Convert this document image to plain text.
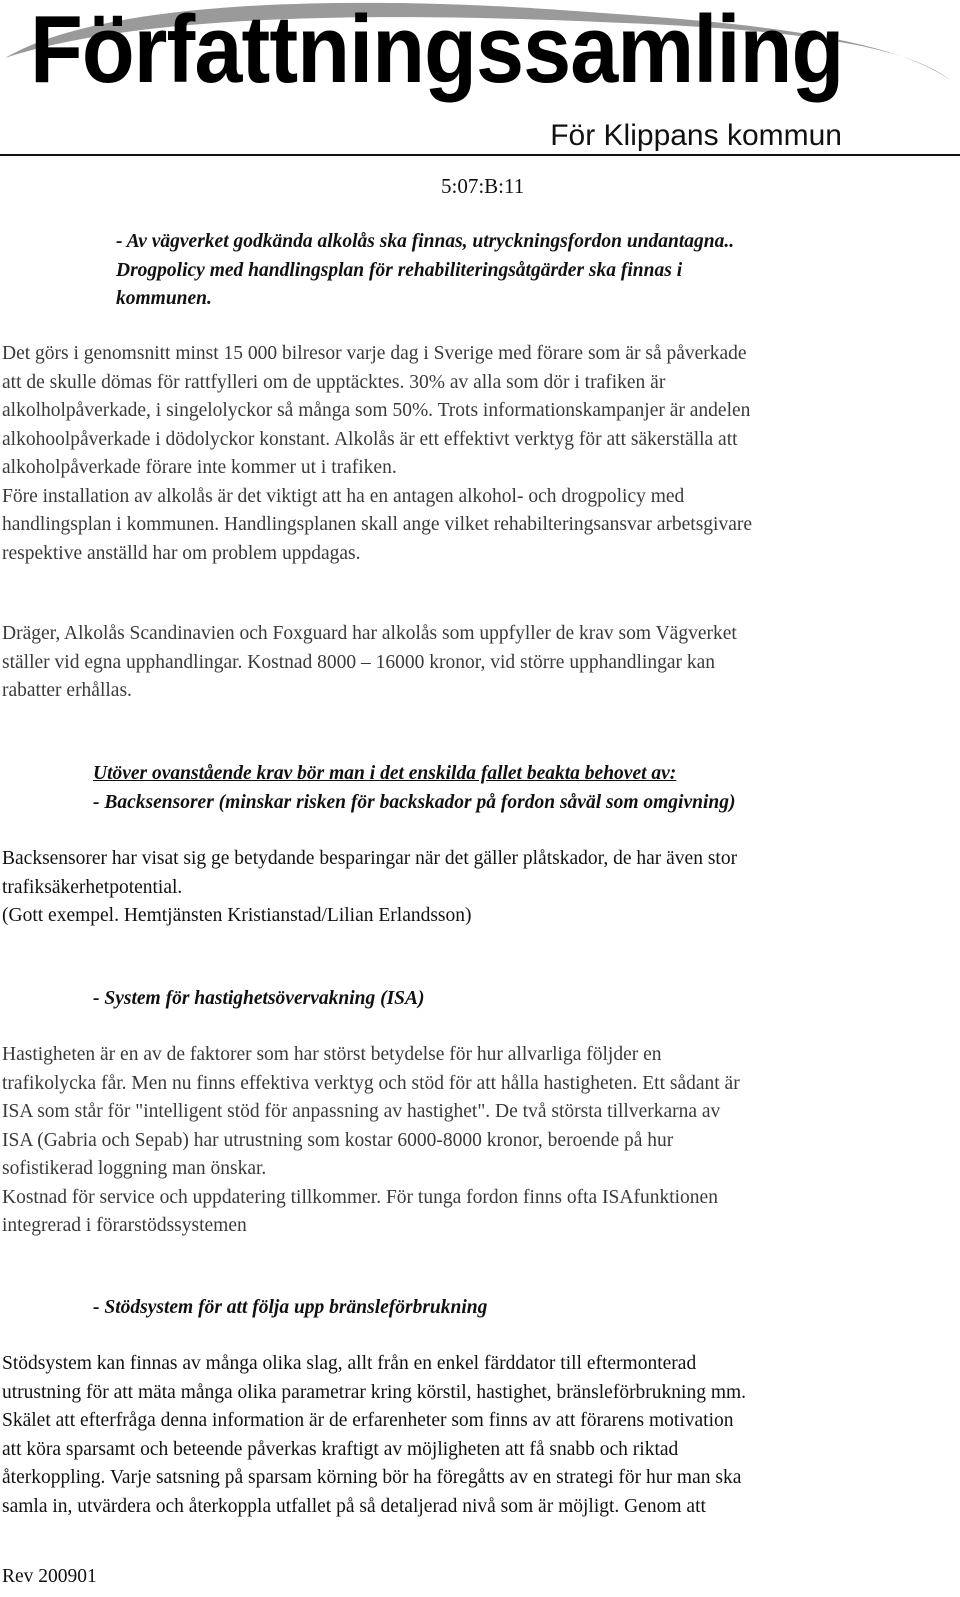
Författningssamling
För Klippans kommun
5:07:B:11

- Av vägverket godkända alkolås ska finnas, utryckningsfordon undantagna..

Drogpolicy med handlingsplan för rehabiliteringsåtgärder ska finnas i

kommunen.

Det görs i genomsnitt minst 15 000 bilresor varje dag i Sverige med förare som är så påverkade

att de skulle dömas för rattfylleri om de upptäcktes. 30% av alla som dör i trafiken är

alkolholpåverkade, i singelolyckor så många som 50%. Trots informationskampanjer är andelen

alkohoolpåverkade i dödolyckor konstant. Alkolås är ett effektivt verktyg för att säkerställa att

alkoholpåverkade förare inte kommer ut i trafiken.

Före installation av alkolås är det viktigt att ha en antagen alkohol- och drogpolicy med

handlingsplan i kommunen. Handlingsplanen skall ange vilket rehabilteringsansvar arbetsgivare

respektive anställd har om problem uppdagas.

Dräger, Alkolås Scandinavien och Foxguard har alkolås som uppfyller de krav som Vägverket

ställer vid egna upphandlingar. Kostnad 8000 – 16000 kronor, vid större upphandlingar kan

rabatter erhållas.

Utöver ovanstående krav bör man i det enskilda fallet beakta behovet av:

- Backsensorer (minskar risken för backskador på fordon såväl som omgivning)

Backsensorer har visat sig ge betydande besparingar när det gäller plåtskador, de har även stor

trafiksäkerhetpotential.

(Gott exempel. Hemtjänsten Kristianstad/Lilian Erlandsson)

- System för hastighetsövervakning (ISA)

Hastigheten är en av de faktorer som har störst betydelse för hur allvarliga följder en

trafikolycka får. Men nu finns effektiva verktyg och stöd för att hålla hastigheten. Ett sådant är

ISA som står för "intelligent stöd för anpassning av hastighet". De två största tillverkarna av

ISA (Gabria och Sepab) har utrustning som kostar 6000-8000 kronor, beroende på hur

sofistikerad loggning man önskar.

Kostnad för service och uppdatering tillkommer. För tunga fordon finns ofta ISAfunktionen

integrerad i förarstödssystemen

- Stödsystem för att följa upp bränsleförbrukning

Stödsystem kan finnas av många olika slag, allt från en enkel färddator till eftermonterad

utrustning för att mäta många olika parametrar kring körstil, hastighet, bränsleförbrukning mm.

Skälet att efterfråga denna information är de erfarenheter som finns av att förarens motivation

att köra sparsamt och beteende påverkas kraftigt av möjligheten att få snabb och riktad

återkoppling. Varje satsning på sparsam körning bör ha föregåtts av en strategi för hur man ska

samla in, utvärdera och återkoppla utfallet på så detaljerad nivå som är möjligt. Genom att

Rev 200901
